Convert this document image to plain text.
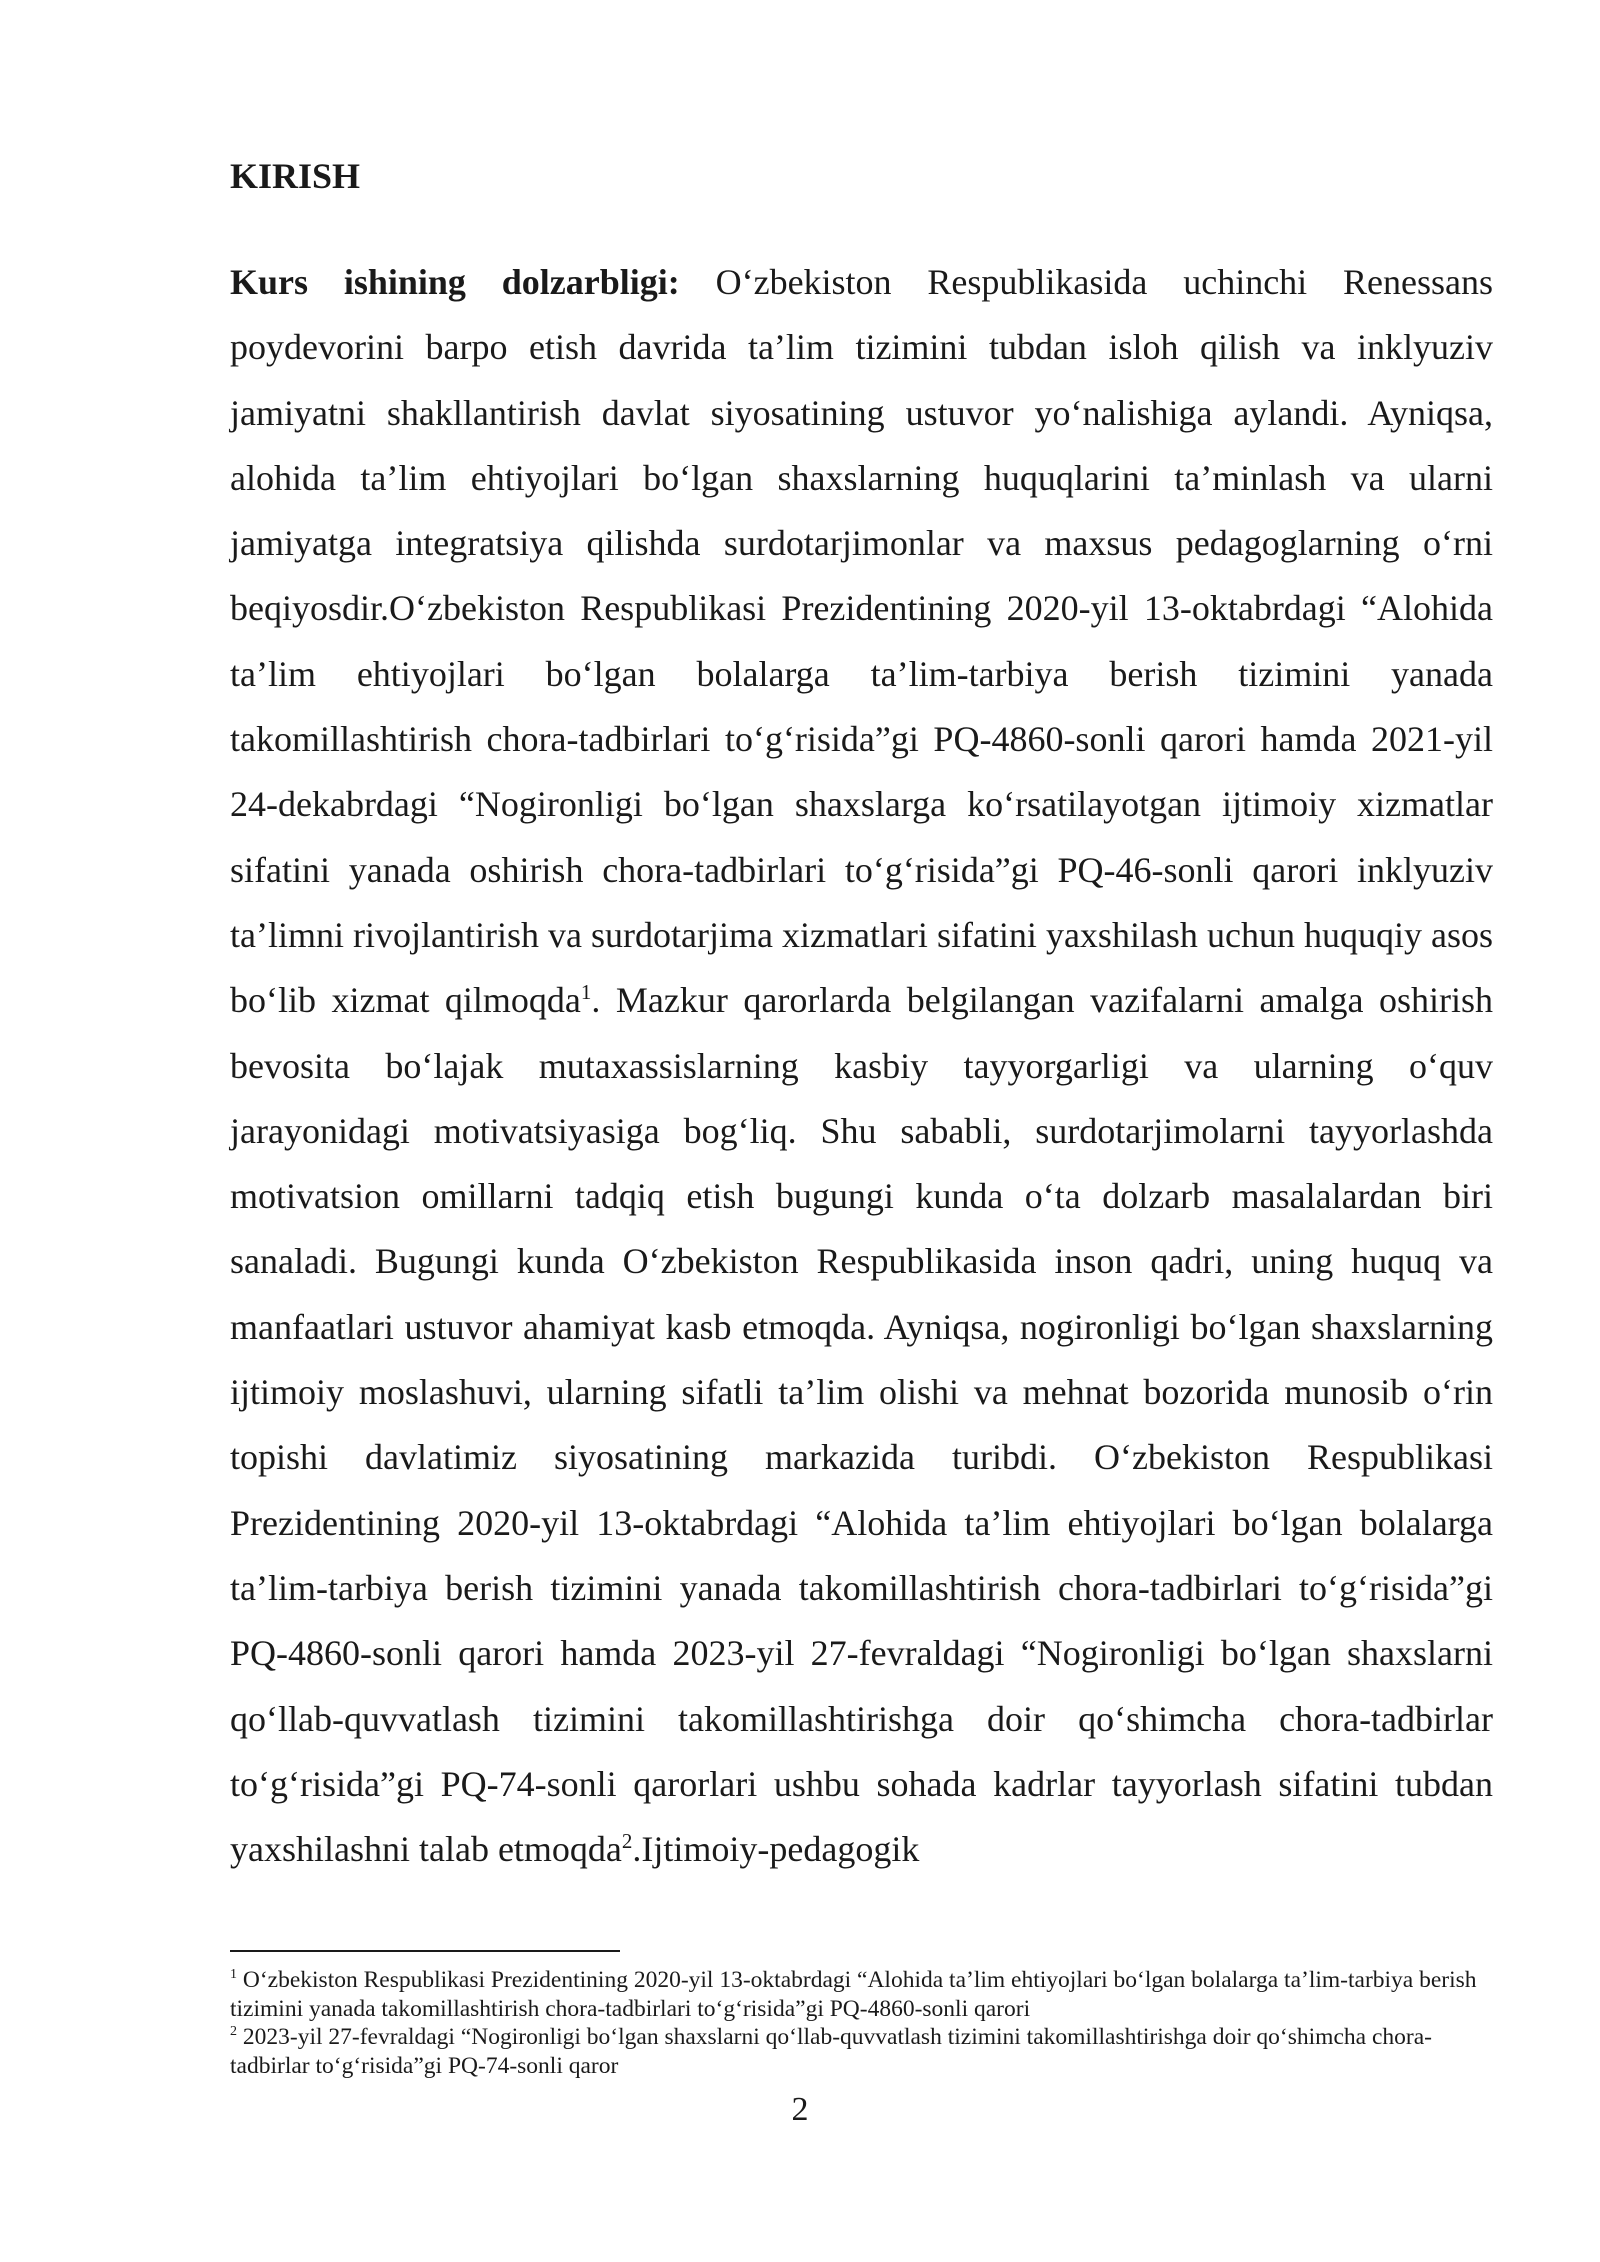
KIRISH

Kurs ishining dolzarbligi: O‘zbekiston Respublikasida uchinchi Renessans poydevorini barpo etish davrida ta’lim tizimini tubdan isloh qilish va inklyuziv jamiyatni shakllantirish davlat siyosatining ustuvor yo‘nalishiga aylandi. Ayniqsa, alohida ta’lim ehtiyojlari bo‘lgan shaxslarning huquqlarini ta’minlash va ularni jamiyatga integratsiya qilishda surdotarjimonlar va maxsus pedagoglarning o‘rni beqiyosdir.O‘zbekiston Respublikasi Prezidentining 2020-yil 13-oktabrdagi “Alohida ta’lim ehtiyojlari bo‘lgan bolalarga ta’lim-tarbiya berish tizimini yanada takomillashtirish chora-tadbirlari to‘g‘risida”gi PQ-4860-sonli qarori hamda 2021-yil 24-dekabrdagi “Nogironligi bo‘lgan shaxslarga ko‘rsatilayotgan ijtimoiy xizmatlar sifatini yanada oshirish chora-tadbirlari to‘g‘risida”gi PQ-46-sonli qarori inklyuziv ta’limni rivojlantirish va surdotarjima xizmatlari sifatini yaxshilash uchun huquqiy asos bo‘lib xizmat qilmoqda$^1$. Mazkur qarorlarda belgilangan vazifalarni amalga oshirish bevosita bo‘lajak mutaxassislarning kasbiy tayyorgarligi va ularning o‘quv jarayonidagi motivatsiyasiga bog‘liq. Shu sababli, surdotarjimolarni tayyorlashda motivatsion omillarni tadqiq etish bugungi kunda o‘ta dolzarb masalalardan biri sanaladi. Bugungi kunda O‘zbekiston Respublikasida inson qadri, uning huquq va manfaatlari ustuvor ahamiyat kasb etmoqda. Ayniqsa, nogironligi bo‘lgan shaxslarning ijtimoiy moslashuvi, ularning sifatli ta’lim olishi va mehnat bozorida munosib o‘rin topishi davlatimiz siyosatining markazida turibdi. O‘zbekiston Respublikasi Prezidentining 2020-yil 13-oktabrdagi “Alohida ta’lim ehtiyojlari bo‘lgan bolalarga ta’lim-tarbiya berish tizimini yanada takomillashtirish chora-tadbirlari to‘g‘risida”gi PQ-4860-sonli qarori hamda 2023-yil 27-fevraldagi “Nogironligi bo‘lgan shaxslarni qo‘llab-quvvatlash tizimini takomillashtirishga doir qo‘shimcha chora-tadbirlar to‘g‘risida”gi PQ-74-sonli qarorlari ushbu sohada kadrlar tayyorlash sifatini tubdan yaxshilashni talab etmoqda$^2$.Ijtimoiy-pedagogik

$^1$ O‘zbekiston Respublikasi Prezidentining 2020-yil 13-oktabrdagi “Alohida ta’lim ehtiyojlari bo‘lgan bolalarga ta’lim-tarbiya berish tizimini yanada takomillashtirish chora-tadbirlari to‘g‘risida”gi PQ-4860-sonli qarori

$^2$ 2023-yil 27-fevraldagi “Nogironligi bo‘lgan shaxslarni qo‘llab-quvvatlash tizimini takomillashtirishga doir qo‘shimcha chora-tadbirlar to‘g‘risida”gi PQ-74-sonli qaror

2
